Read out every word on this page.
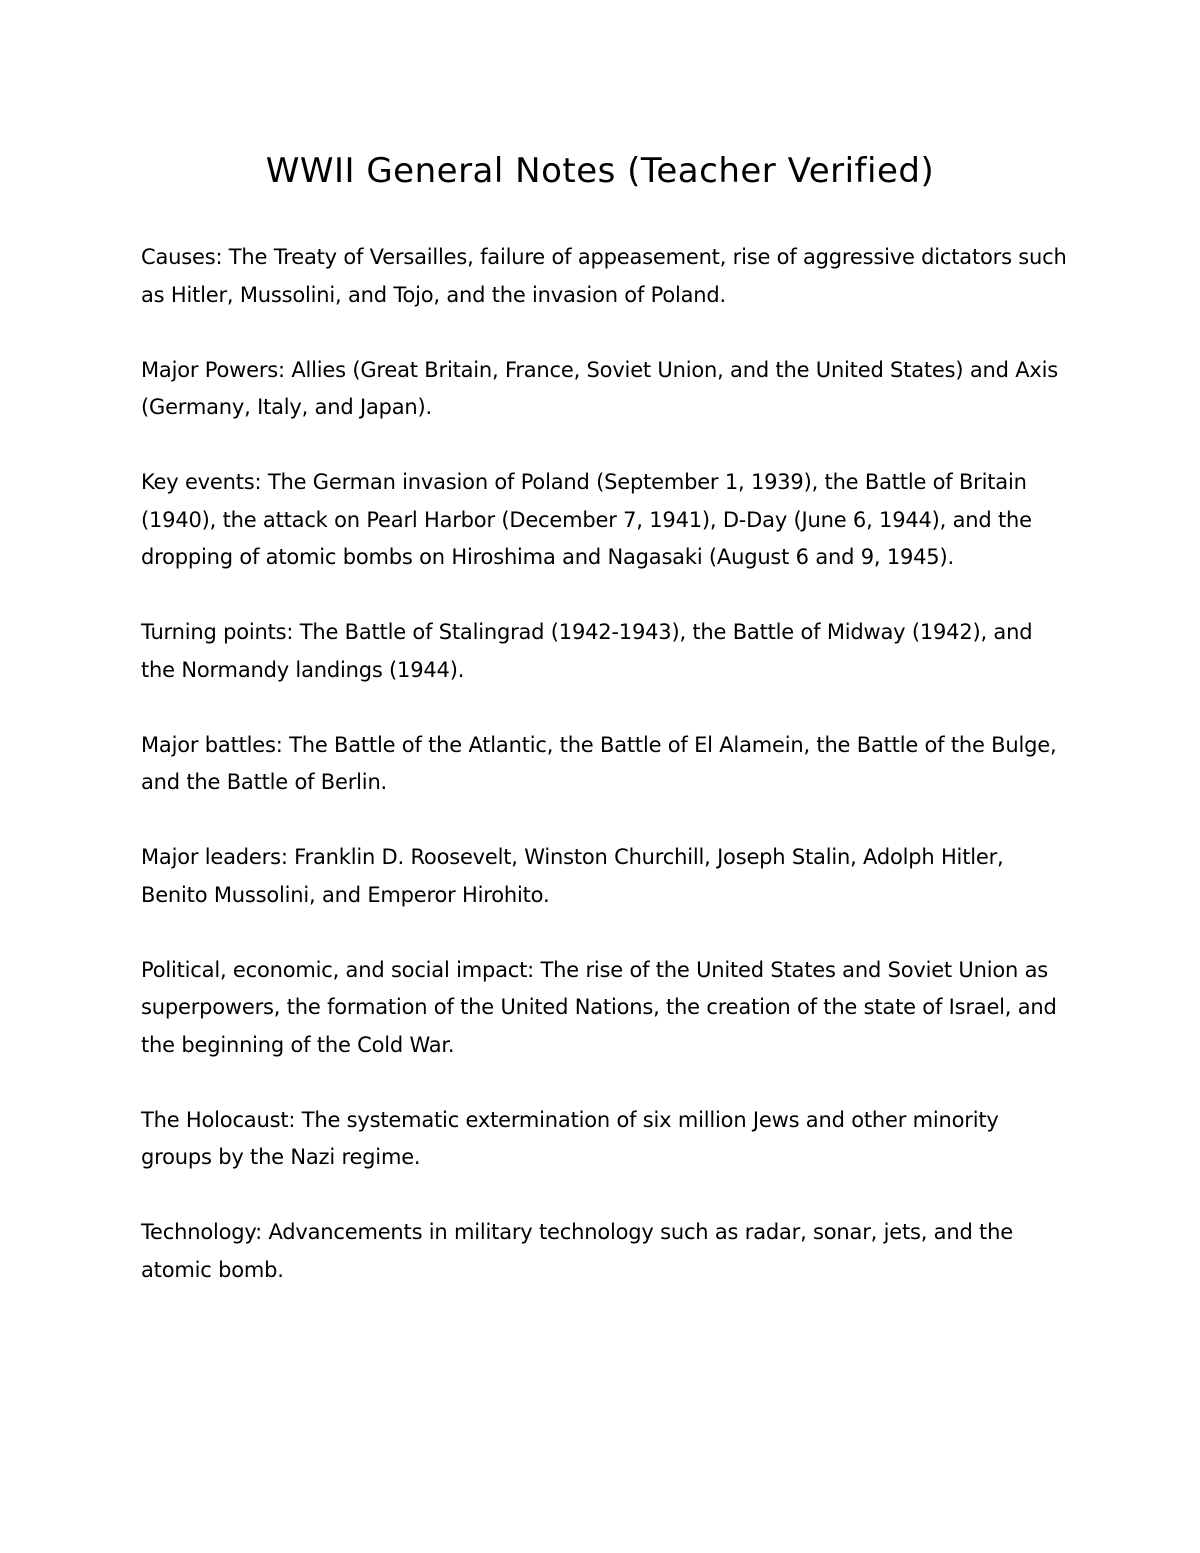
WWII General Notes (Teacher Verified)

Causes: The Treaty of Versailles, failure of appeasement, rise of aggressive dictators such as Hitler, Mussolini, and Tojo, and the invasion of Poland.

Major Powers: Allies (Great Britain, France, Soviet Union, and the United States) and Axis (Germany, Italy, and Japan).

Key events: The German invasion of Poland (September 1, 1939), the Battle of Britain (1940), the attack on Pearl Harbor (December 7, 1941), D-Day (June 6, 1944), and the dropping of atomic bombs on Hiroshima and Nagasaki (August 6 and 9, 1945).

Turning points: The Battle of Stalingrad (1942-1943), the Battle of Midway (1942), and the Normandy landings (1944).

Major battles: The Battle of the Atlantic, the Battle of El Alamein, the Battle of the Bulge, and the Battle of Berlin.

Major leaders: Franklin D. Roosevelt, Winston Churchill, Joseph Stalin, Adolph Hitler, Benito Mussolini, and Emperor Hirohito.

Political, economic, and social impact: The rise of the United States and Soviet Union as superpowers, the formation of the United Nations, the creation of the state of Israel, and the beginning of the Cold War.

The Holocaust: The systematic extermination of six million Jews and other minority groups by the Nazi regime.

Technology: Advancements in military technology such as radar, sonar, jets, and the atomic bomb.
